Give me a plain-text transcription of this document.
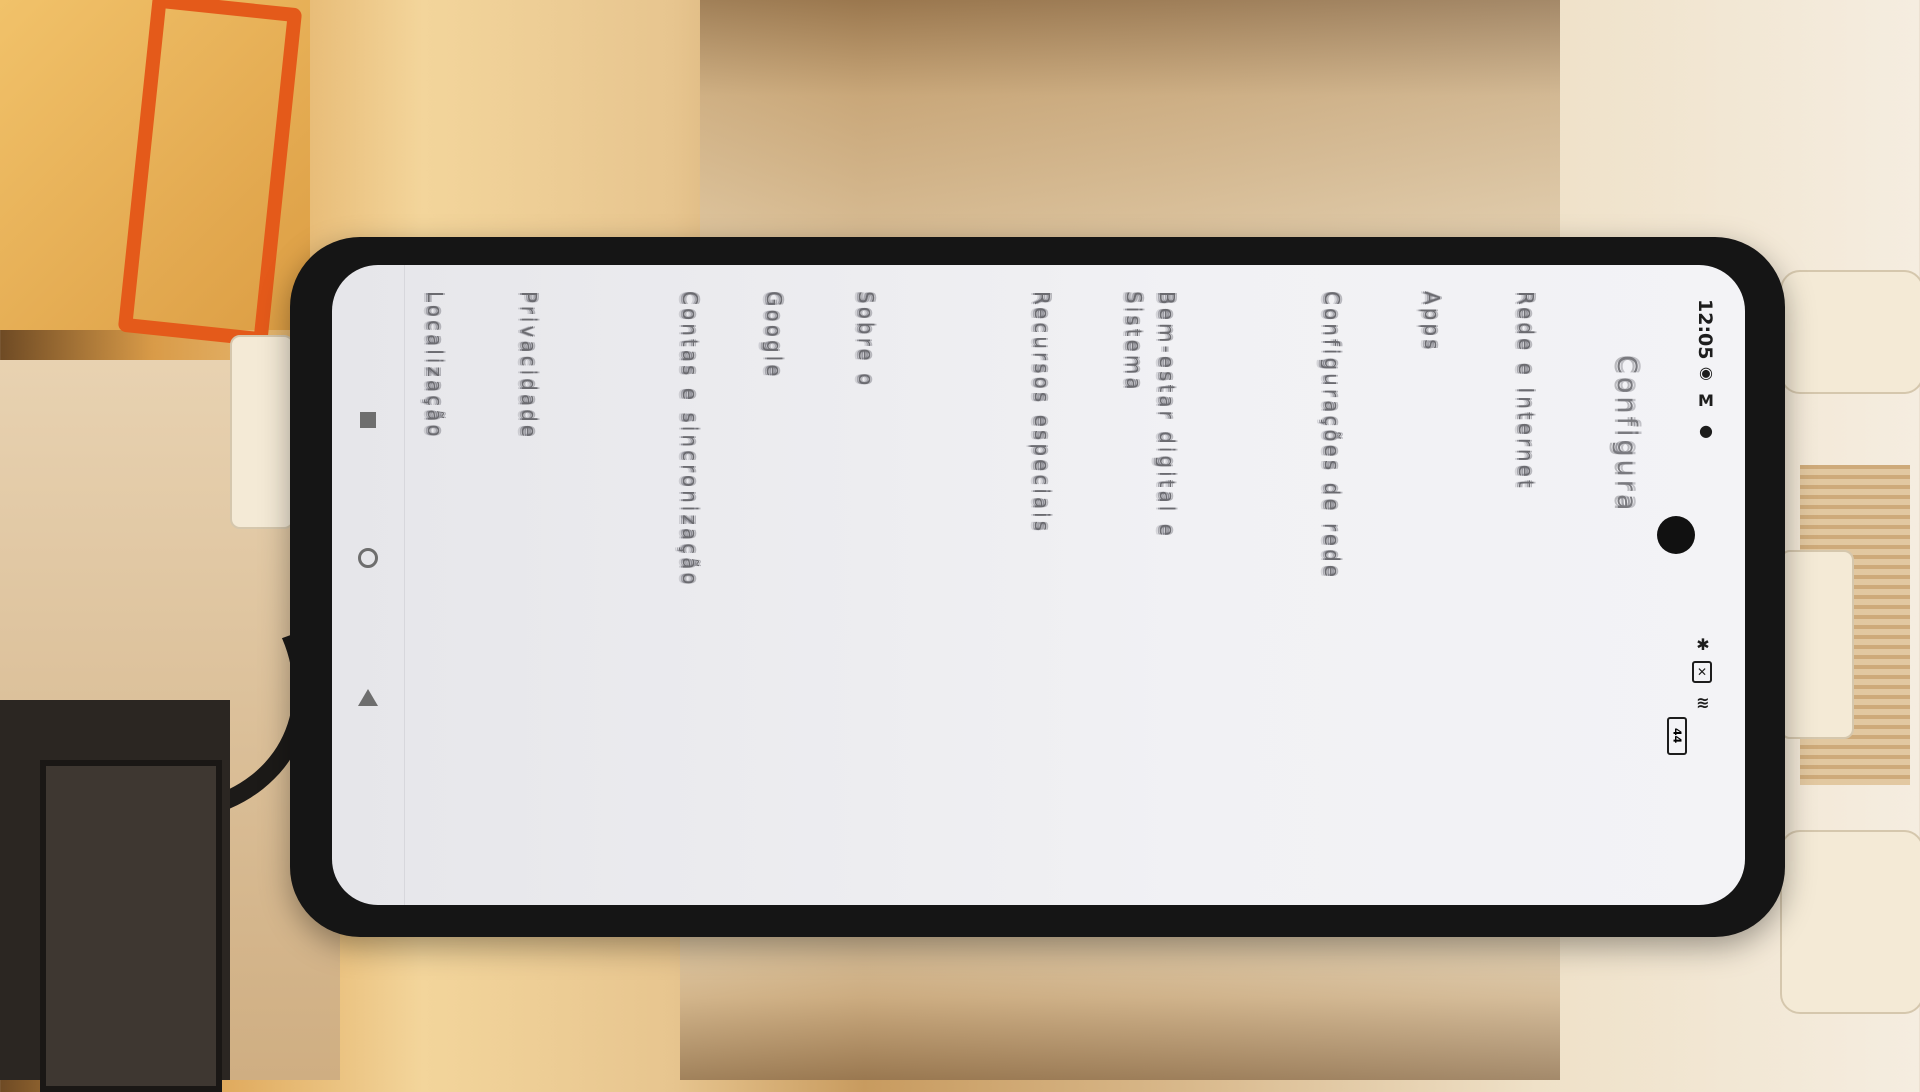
Localização	Privacidade	Contas e sincronização	Google	Sobre o	Recursos especiais	Sistema Bem-estar digital e	Configurações de rede	Apps	Rede e Internet	Configura
12:05
◉
M
●
✱
✕
≋
44
